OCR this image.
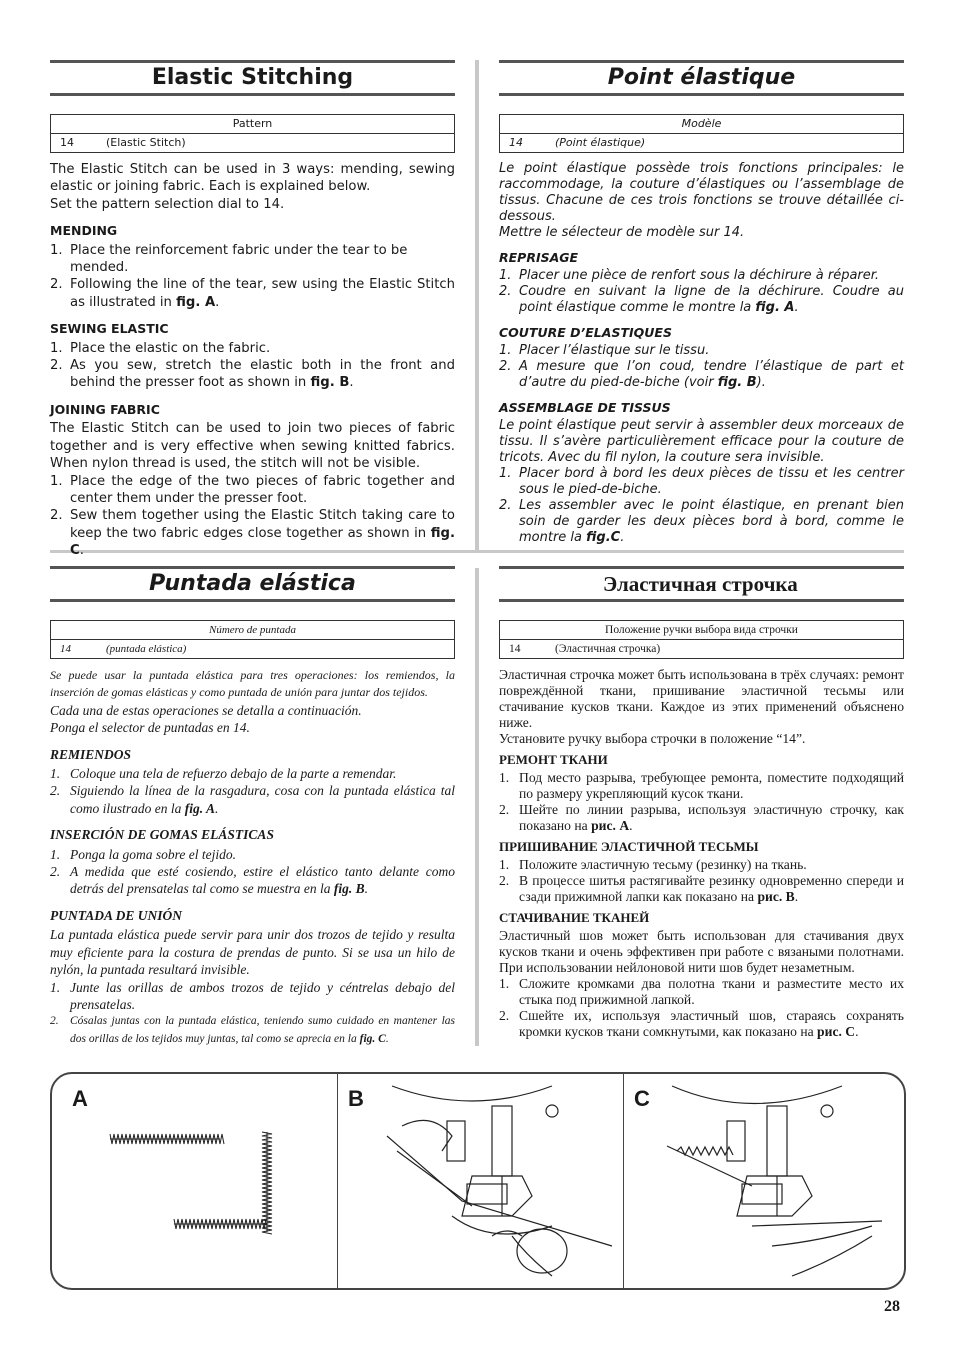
Elastic Stitching
Pattern
14	(Elastic Stitch)

The Elastic Stitch can be used in 3 ways: mending, sewing elastic or joining fabric. Each is explained below.

Set the pattern selection dial to 14.

MENDING
1. Place the reinforcement fabric under the tear to be mended.
2. Following the line of the tear, sew using the Elastic Stitch as illustrated in fig. A.
SEWING ELASTIC
1. Place the elastic on the fabric.
2. As you sew, stretch the elastic both in the front and behind the presser foot as shown in fig. B.
JOINING FABRIC

The Elastic Stitch can be used to join two pieces of fabric together and is very effective when sewing knitted fabrics. When nylon thread is used, the stitch will not be visible.

1. Place the edge of the two pieces of fabric together and center them under the presser foot.
2. Sew them together using the Elastic Stitch taking care to keep the two fabric edges close together as shown in fig. C.
Point élastique
Modèle
14	(Point élastique)

Le point élastique possède trois fonctions principales: le raccommodage, la couture d’élastiques ou l’assemblage de tissus. Chacune de ces trois fonctions se trouve détaillée ci-dessous.

Mettre le sélecteur de modèle sur 14.

REPRISAGE
1. Placer une pièce de renfort sous la déchirure à réparer.
2. Coudre en suivant la ligne de la déchirure. Coudre au point élastique comme le montre la fig. A.
COUTURE D’ELASTIQUES
1. Placer l’élastique sur le tissu.
2. A mesure que l’on coud, tendre l’élastique de part et d’autre du pied-de-biche (voir fig. B).
ASSEMBLAGE DE TISSUS

Le point élastique peut servir à assembler deux morceaux de tissu. Il s’avère particulièrement efficace pour la couture de tricots. Avec du fil nylon, la couture sera invisible.

1. Placer bord à bord les deux pièces de tissu et les centrer sous le pied-de-biche.
2. Les assembler avec le point élastique, en prenant bien soin de garder les deux pièces bord à bord, comme le montre la fig.C.
Puntada elástica
Número de puntada
14	(puntada elástica)

Se puede usar la puntada elástica para tres operaciones: los remiendos, la inserción de gomas elásticas y como puntada de unión para juntar dos tejidos.

Cada una de estas operaciones se detalla a continuación.

Ponga el selector de puntadas en 14.

REMIENDOS
1. Coloque una tela de refuerzo debajo de la parte a remendar.
2. Siguiendo la línea de la rasgadura, cosa con la puntada elástica tal como ilustrado en la fig. A.
INSERCIÓN DE GOMAS ELÁSTICAS
1. Ponga la goma sobre el tejido.
2. A medida que esté cosiendo, estire el elástico tanto delante como detrás del prensatelas tal como se muestra en la fig. B.
PUNTADA DE UNIÓN

La puntada elástica puede servir para unir dos trozos de tejido y resulta muy eficiente para la costura de prendas de punto. Si se usa un hilo de nylón, la puntada resultará invisible.

1. Junte las orillas de ambos trozos de tejido y céntrelas debajo del prensatelas.
2. Cósalas juntas con la puntada elástica, teniendo sumo cuidado en mantener las dos orillas de los tejidos muy juntas, tal como se aprecia en la fig. C.
Эластичная строчка
Положение ручки выбора вида строчки
14	(Эластичная строчка)

Эластичная строчка может быть использована в трёх случаях: ремонт повреждённой ткани, пришивание эластичной тесьмы или стачивание кусков ткани. Каждое из этих применений объяснено ниже.

Установите ручку выбора строчки в положение “14”.

РЕМОНТ ТКАНИ
1. Под место разрыва, требующее ремонта, поместите подходящий по размеру укрепляющий кусок ткани.
2. Шейте по линии разрыва, используя эластичную строчку, как показано на рис. A.
ПРИШИВАНИЕ ЭЛАСТИЧНОЙ ТЕСЬМЫ
1. Положите эластичную тесьму (резинку) на ткань.
2. В процессе шитья растягивайте резинку одновременно спереди и сзади прижимной лапки как показано на рис. B.
СТАЧИВАНИЕ ТКАНЕЙ

Эластичный шов может быть использован для стачивания двух кусков ткани и очень эффективен при работе с вязаными полотнами. При использовании нейлоновой нити шов будет незаметным.

1. Сложите кромками два полотна ткани и разместите место их стыка под прижимной лапкой.
2. Сшейте их, используя эластичный шов, стараясь сохранять кромки кусков ткани сомкнутыми, как показано на рис. C.
A	B	C
28
